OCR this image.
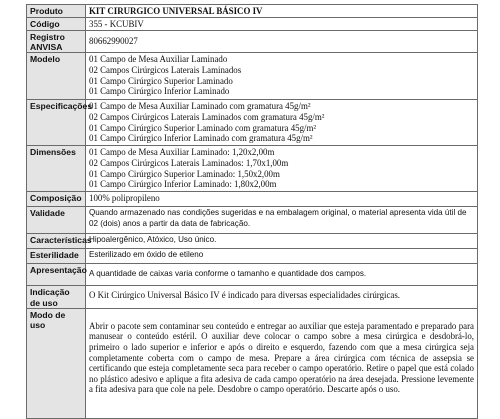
Produto	KIT CIRURGICO UNIVERSAL BÁSICO IV
Código	355 - KCUBIV
Registro ANVISA	80662990027

Modelo	01 Campo de Mesa Auxiliar Laminado
02 Campos Cirúrgicos Laterais Laminados
01 Campo Cirúrgico Superior Laminado
01 Campo Cirúrgico Inferior Laminado

Especificações	01 Campo de Mesa Auxiliar Laminado com gramatura 45g/m²
02 Campos Cirúrgicos Laterais Laminados com gramatura 45g/m²
01 Campo Cirúrgico Superior Laminado com gramatura 45g/m²
01 Campo Cirúrgico Inferior Laminado com gramatura 45g/m²

Dimensões	01 Campo de Mesa Auxiliar Laminado: 1,20x2,00m
02 Campos Cirúrgicos Laterais Laminados: 1,70x1,00m
01 Campo Cirúrgico Superior Laminado: 1,50x2,00m
01 Campo Cirúrgico Inferior Laminado: 1,80x2,00m

Composição	100% polipropileno
Validade	Quando armazenado nas condições sugeridas e na embalagem original, o material apresenta vida útil de 02 (dois) anos a partir da data de fabricação.

Características	Hipoalergênico, Atóxico, Uso único.
Esterilidade	Esterilizado em óxido de etileno
Apresentação	A quantidade de caixas varia conforme o tamanho e quantidade dos campos.

Indicação de uso	O Kit Cirúrgico Universal Básico IV é indicado para diversas especialidades cirúrgicas.

Modo de uso	Abrir o pacote sem contaminar seu conteúdo e entregar ao auxiliar que esteja paramentado e preparado para manusear o conteúdo estéril. O auxiliar deve colocar o campo sobre a mesa cirúrgica e desdobrá-lo, primeiro o lado superior e inferior e após o direito e esquerdo, fazendo com que a mesa cirúrgica seja completamente coberta com o campo de mesa. Prepare a área cirúrgica com técnica de assepsia se certificando que esteja completamente seca para receber o campo operatório. Retire o papel que está colado no plástico adesivo e aplique a fita adesiva de cada campo operatório na área desejada. Pressione levemente a fita adesiva para que cole na pele. Desdobre o campo operatório. Descarte após o uso.
